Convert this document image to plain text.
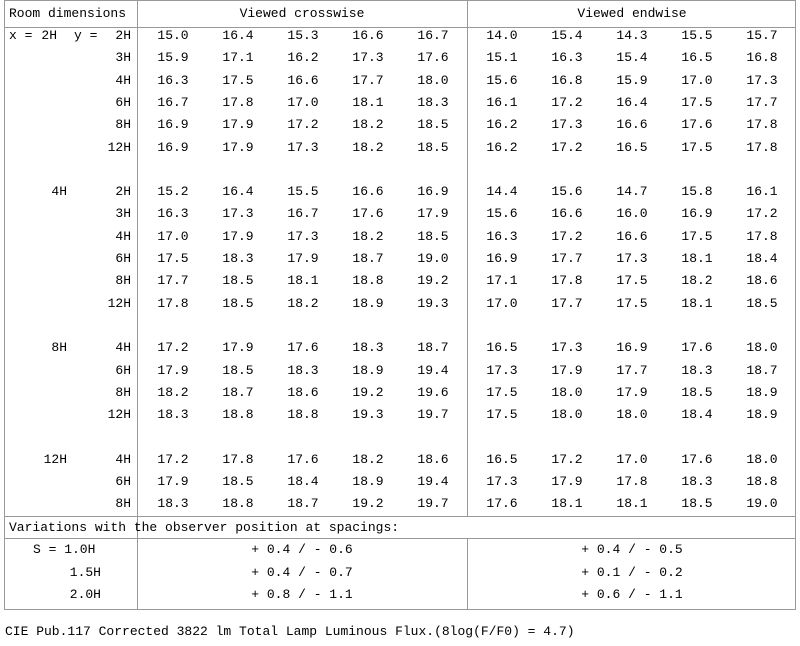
Room dimensions	Viewed crosswise	Viewed endwise
x = 2H y =	2H	15.0	16.4	15.3	16.6	16.7	14.0	15.4	14.3	15.5	15.7
3H	15.9	17.1	16.2	17.3	17.6	15.1	16.3	15.4	16.5	16.8
4H	16.3	17.5	16.6	17.7	18.0	15.6	16.8	15.9	17.0	17.3
6H	16.7	17.8	17.0	18.1	18.3	16.1	17.2	16.4	17.5	17.7
8H	16.9	17.9	17.2	18.2	18.5	16.2	17.3	16.6	17.6	17.8
12H	16.9	17.9	17.3	18.2	18.5	16.2	17.2	16.5	17.5	17.8
4H	2H	15.2	16.4	15.5	16.6	16.9	14.4	15.6	14.7	15.8	16.1
3H	16.3	17.3	16.7	17.6	17.9	15.6	16.6	16.0	16.9	17.2
4H	17.0	17.9	17.3	18.2	18.5	16.3	17.2	16.6	17.5	17.8
6H	17.5	18.3	17.9	18.7	19.0	16.9	17.7	17.3	18.1	18.4
8H	17.7	18.5	18.1	18.8	19.2	17.1	17.8	17.5	18.2	18.6
12H	17.8	18.5	18.2	18.9	19.3	17.0	17.7	17.5	18.1	18.5
8H	4H	17.2	17.9	17.6	18.3	18.7	16.5	17.3	16.9	17.6	18.0
6H	17.9	18.5	18.3	18.9	19.4	17.3	17.9	17.7	18.3	18.7
8H	18.2	18.7	18.6	19.2	19.6	17.5	18.0	17.9	18.5	18.9
12H	18.3	18.8	18.8	19.3	19.7	17.5	18.0	18.0	18.4	18.9
12H	4H	17.2	17.8	17.6	18.2	18.6	16.5	17.2	17.0	17.6	18.0
6H	17.9	18.5	18.4	18.9	19.4	17.3	17.9	17.8	18.3	18.8
8H	18.3	18.8	18.7	19.2	19.7	17.6	18.1	18.1	18.5	19.0
Variations with the observer position at spacings:
S = 1.0H	+ 0.4 / - 0.6	+ 0.4 / - 0.5
1.5H	+ 0.4 / - 0.7	+ 0.1 / - 0.2
2.0H	+ 0.8 / - 1.1	+ 0.6 / - 1.1
CIE Pub.117 Corrected 3822 lm Total Lamp Luminous Flux.(8log(F/F0) = 4.7)
